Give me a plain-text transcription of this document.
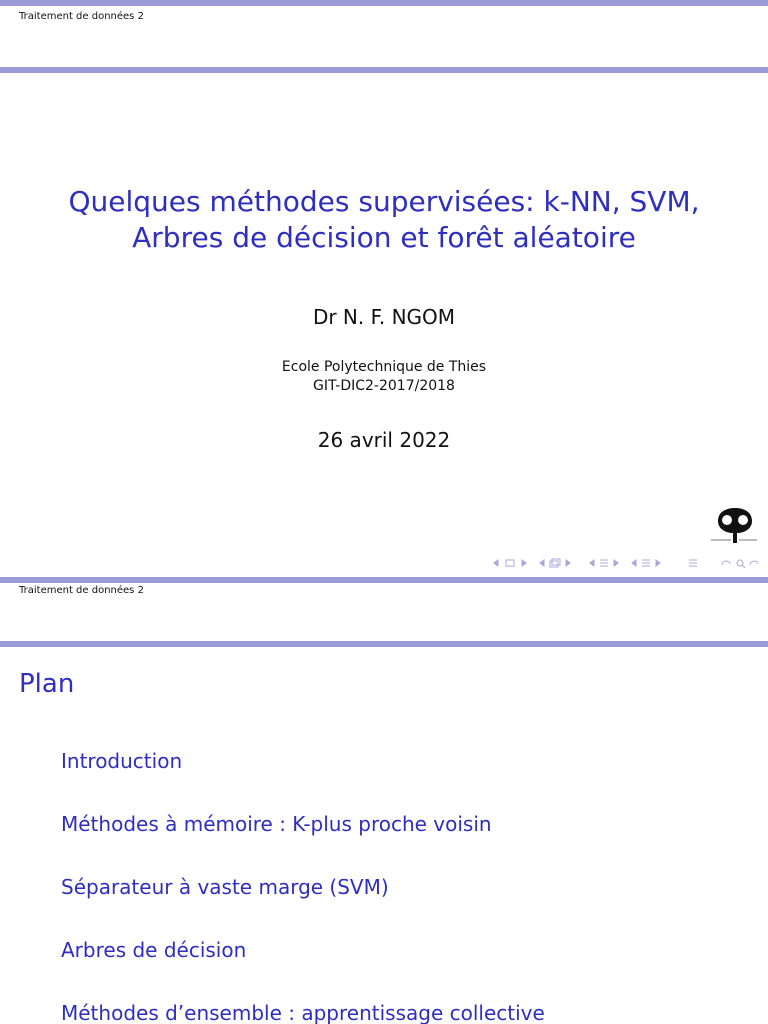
Traitement de données 2
Quelques méthodes supervisées: k-NN, SVM,
Arbres de décision et forêt aléatoire
Dr N. F. NGOM
Ecole Polytechnique de Thies
GIT-DIC2-2017/2018
26 avril 2022
Traitement de données 2
Plan
Introduction
Méthodes à mémoire : K-plus proche voisin
Séparateur à vaste marge (SVM)
Arbres de décision
Méthodes d’ensemble : apprentissage collective
